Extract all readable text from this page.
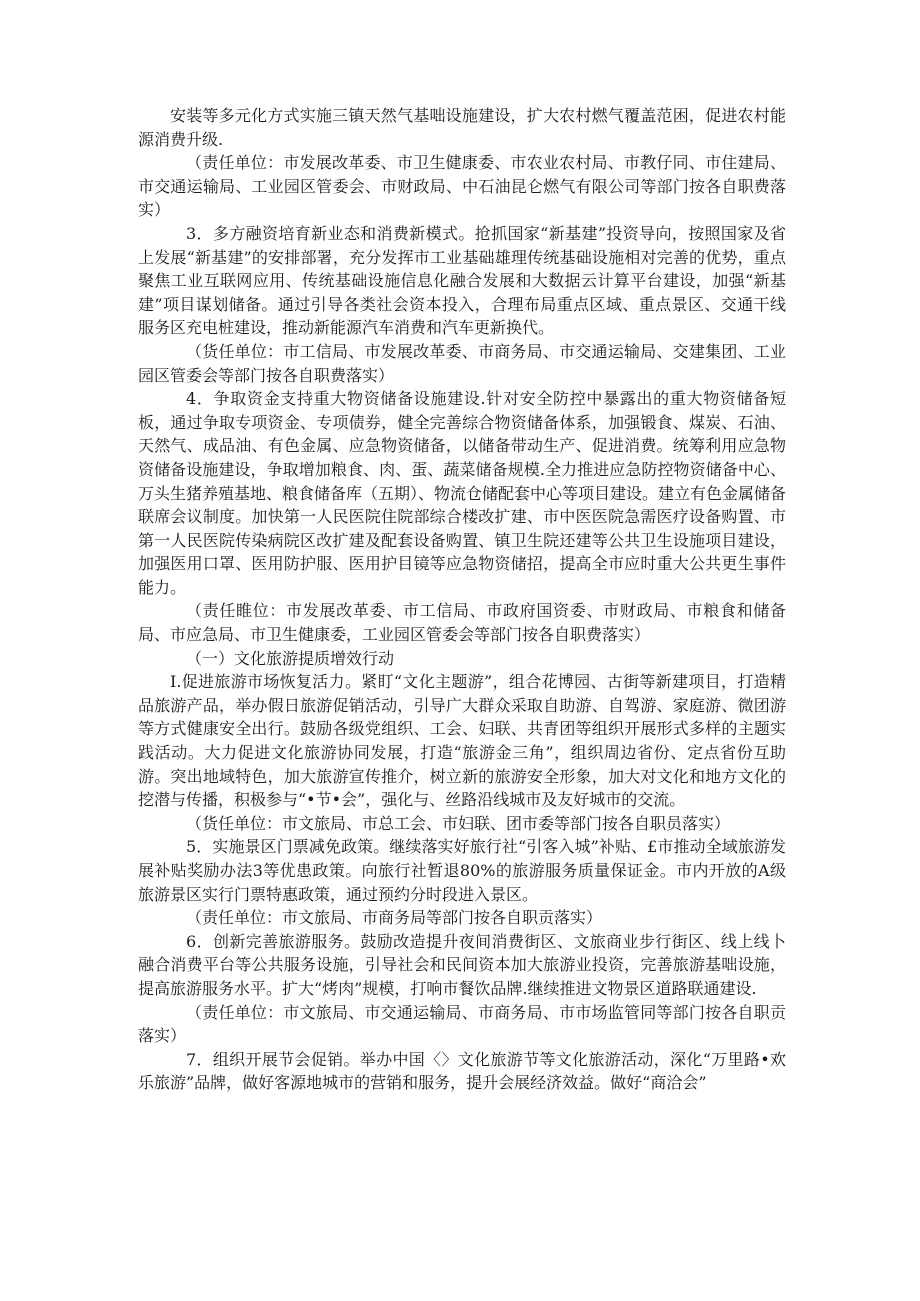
安装等多元化方式实施三镇天然气基咄设施建设，扩大农村燃气覆盖范困，促进农村能源消费升级.

（责任单位：市发展改革委、市卫生健康委、市农业农村局、市教仔同、市住建局、市交通运输局、工业园区管委会、市财政局、中石油昆仑燃气有限公司等部门按各自职费落实）

3．多方融资培育新业态和消费新模式。抢抓国家“新基建”投资导向，按照国家及省上发展“新基建”的安排部署，充分发挥市工业基础雄理传统基础设施相对完善的优势，重点聚焦工业互联网应用、传统基础设施信息化融合发展和大数据云计算平台建设，加强“新基建”项目谋划储备。通过引导各类社会资本投入，合理布局重点区域、重点景区、交通干线服务区充电桩建设，推动新能源汽车消费和汽车更新换代。

（货任单位：市工信局、市发展改革委、市商务局、市交通运输局、交建集团、工业园区管委会等部门按各自职费落实）

4．争取资金支持重大物资储备设施建设.针对安全防控中暴露出的重大物资储备短板，通过争取专项资金、专项债券，健全完善综合物资储备体系，加强锻食、煤炭、石油、天然气、成品油、有色金属、应急物资储备，以储备带动生产、促进消费。统筹利用应急物资储备设施建设，争取增加粮食、肉、蛋、蔬菜储备规模.全力推进应急防控物资储备中心、万头生猪养殖基地、粮食储备库（五期）、物流仓储配套中心等项目建设。建立有色金属储备联席会议制度。加快第一人民医院住院部综合楼改扩建、市中医医院急需医疗设备购置、市第一人民医院传染病院区改扩建及配套设备购置、镇卫生院还建等公共卫生设施项目建设，加强医用口罩、医用防护服、医用护目镜等应急物资储招，提高全市应时重大公共更生事件能力。

（责任睢位：市发展改革委、市工信局、市政府国资委、市财政局、市粮食和储备局、市应急局、市卫生健康委，工业园区管委会等部门按各自职费落实）

（一）文化旅游提质增效行动

I.促进旅游市场恢复活力。紧盯“文化主题游”，组合花博园、古街等新建项目，打造精品旅游产品，举办假日旅游促销活动，引导广大群众采取自助游、自驾游、家庭游、微团游等方式健康安全出行。鼓励各级党组织、工会、妇联、共青团等组织开展形式多样的主题实践活动。大力促进文化旅游协同发展，打造“旅游金三角”，组织周边省份、定点省份互助游。突出地域特色，加大旅游宣传推介，树立新的旅游安全形象，加大对文化和地方文化的挖潜与传播，积极参与“•节•会”，强化与、丝路沿线城市及友好城市的交流。

（货任单位：市文旅局、市总工会、市妇联、团市委等部门按各自职员落实）

5．实施景区门票减免政策。继续落实好旅行社“引客入城”补贴、£市推动全域旅游发展补贴奖励办法3等优患政策。向旅行社暂退80%的旅游服务质量保证金。市内开放的A级旅游景区实行门票特惠政策，通过预约分时段进入景区。

（责任单位：市文旅局、市商务局等部门按各自职贡落实）

6．创新完善旅游服务。鼓励改造提升夜间消费街区、文旅商业步行街区、线上线卜融合消费平台等公共服务设施，引导社会和民间资本加大旅游业投资，完善旅游基咄设施，提高旅游服务水平。扩大“烤肉”规模，打响市餐饮品牌.继续推进文物景区道路联通建设.

（责任单位：市文旅局、市交通运输局、市商务局、市市场监管同等部门按各自职贡落实）

7．组织开展节会促销。举办中国〈〉文化旅游节等文化旅游活动，深化“万里路•欢乐旅游”品牌，做好客源地城市的营销和服务，提升会展经济效益。做好“商洽会”
